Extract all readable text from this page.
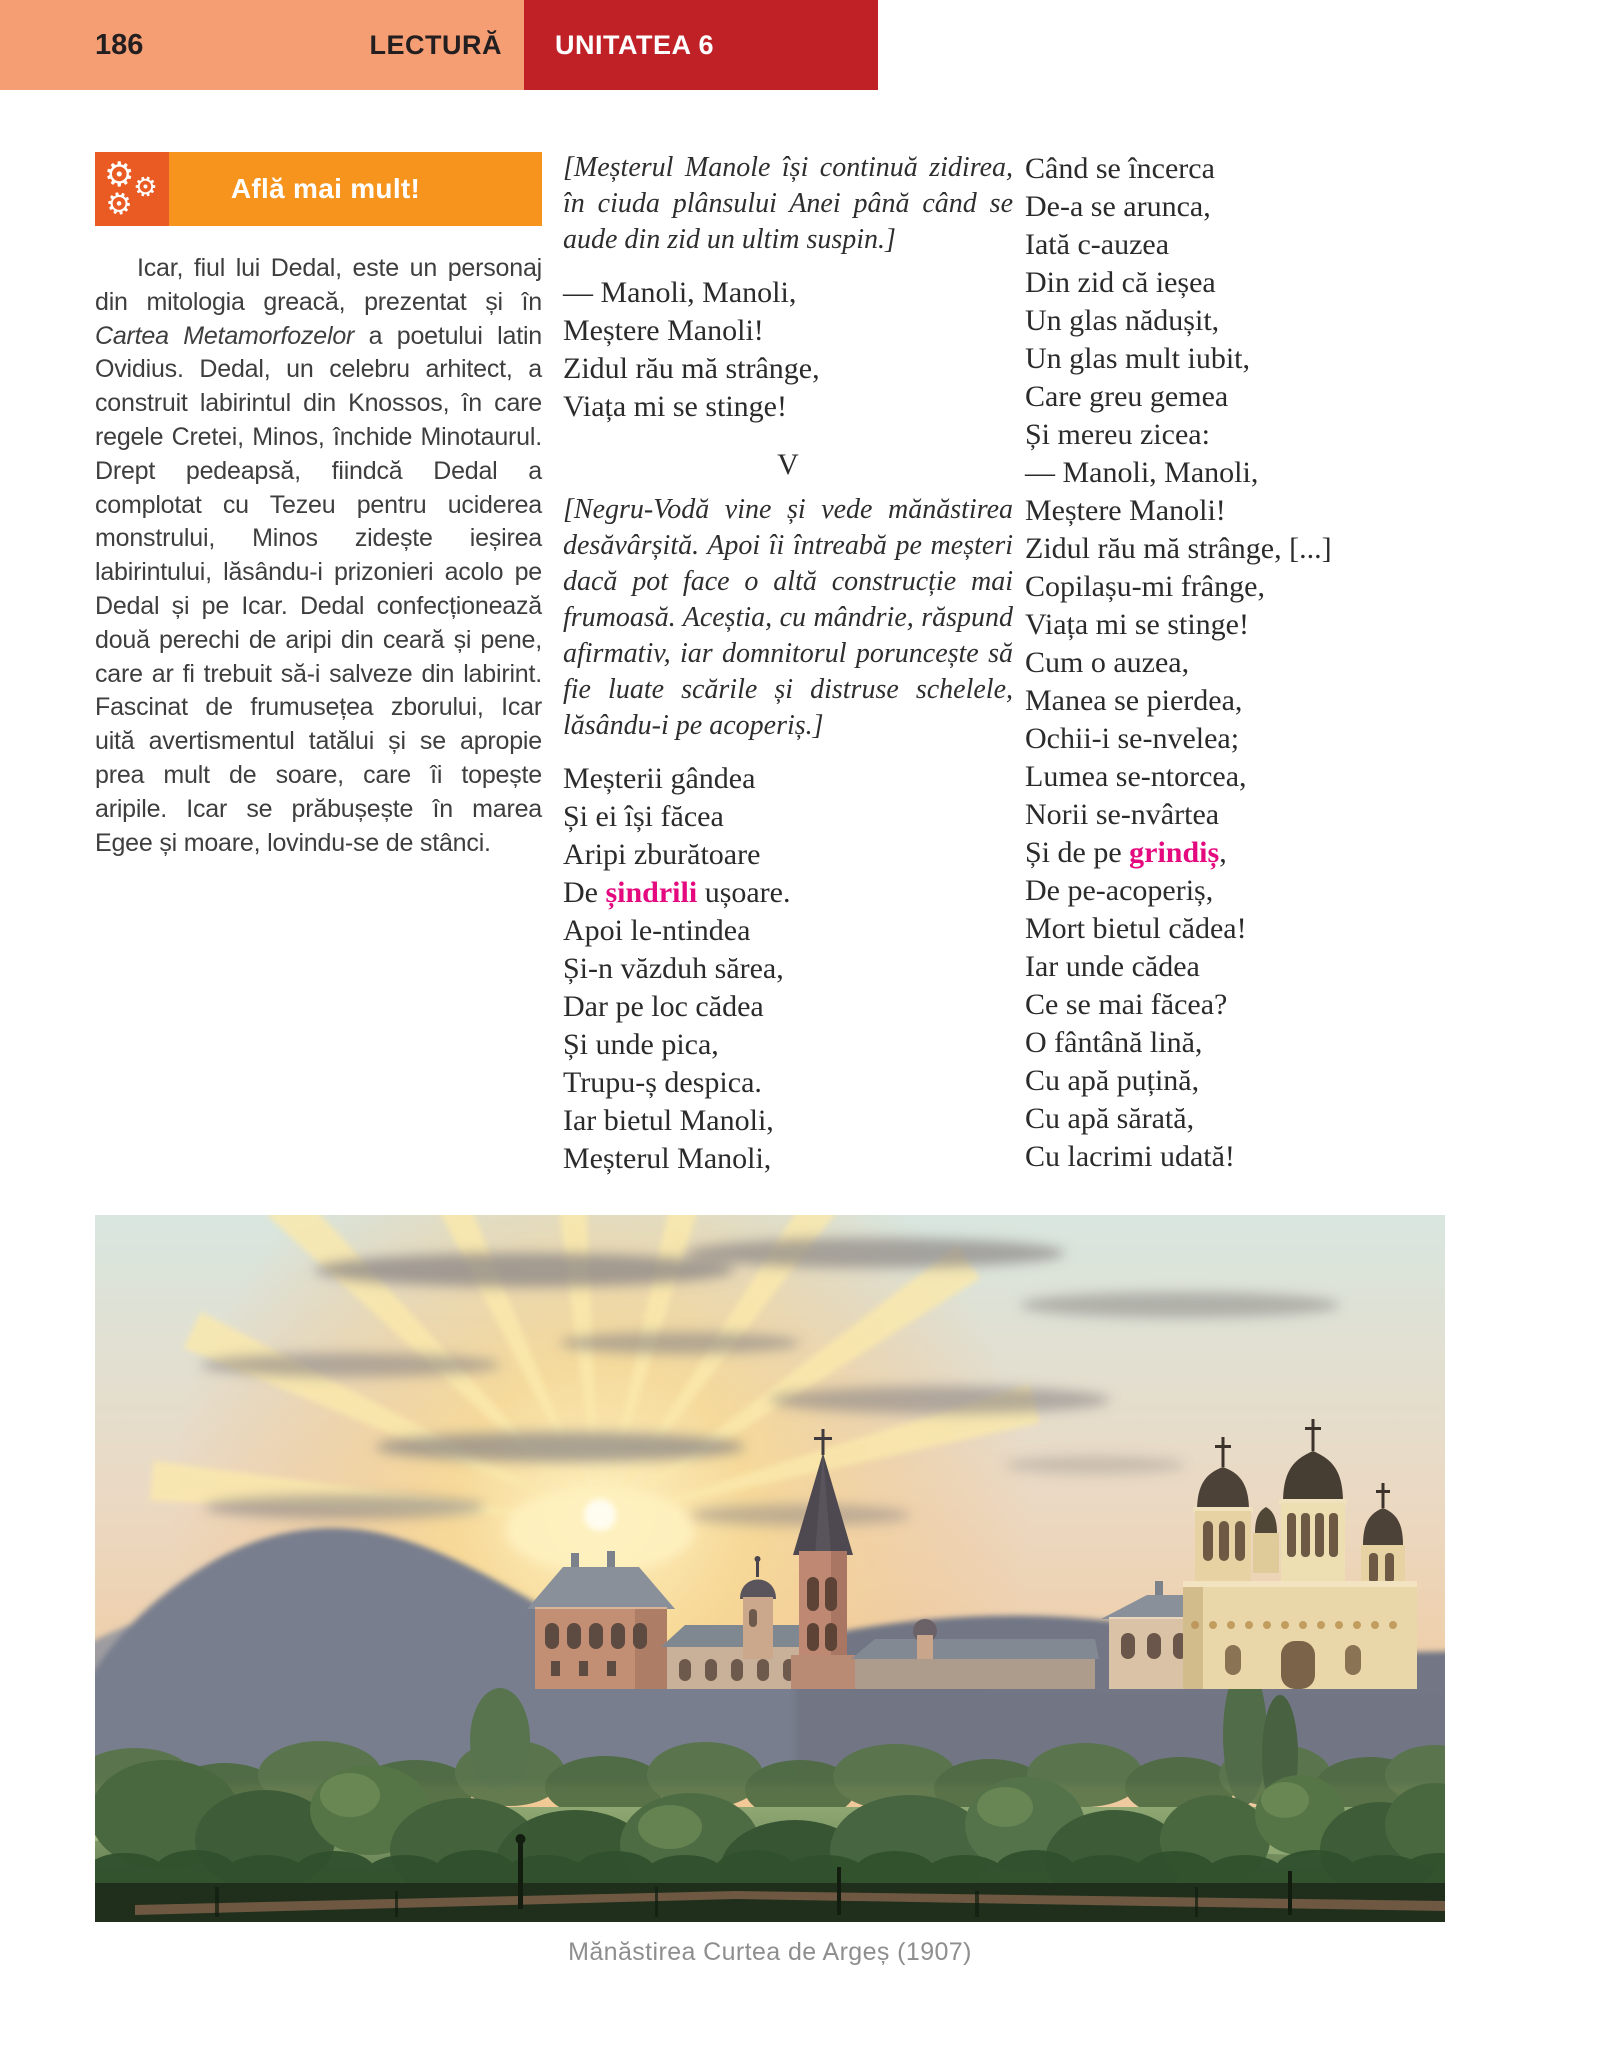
186	LECTURĂ UNITATEA 6
⚙
⚙
⚙	Află mai mult!

Icar, fiul lui Dedal, este un personaj din mitologia greacă, prezentat și în Cartea Metamorfozelor a poetului latin Ovidius. Dedal, un celebru arhitect, a construit labirintul din Knossos, în care regele Cretei, Minos, închide Minotaurul. Drept pedeapsă, fiindcă Dedal a complotat cu Tezeu pentru uciderea monstrului, Minos zidește ieșirea labirintului, lăsându-i prizonieri acolo pe Dedal și pe Icar. Dedal confecționează două perechi de aripi din ceară și pene, care ar fi trebuit să-i salveze din labirint. Fascinat de frumusețea zborului, Icar uită avertismentul tatălui și se apropie prea mult de soare, care îi topește aripile. Icar se prăbușește în marea Egee și moare, lovindu-se de stânci.

[Meșterul Manole își continuă zidirea, în ciuda plânsului Anei până când se aude din zid un ultim suspin.]

— Manoli, Manoli,
Meștere Manoli!
Zidul rău mă strânge,
Viața mi se stinge!
V

[Negru-Vodă vine și vede mănăstirea desăvârșită. Apoi îi întreabă pe meșteri dacă pot face o altă construcție mai frumoasă. Aceștia, cu mândrie, răspund afirmativ, iar domnitorul poruncește să fie luate scările și distruse schelele, lăsându-i pe acoperiș.]

Meșterii gândea
Și ei își făcea
Aripi zburătoare
De șindrili ușoare.
Apoi le-ntindea
Și-n văzduh sărea,
Dar pe loc cădea
Și unde pica,
Trupu-ș despica.
Iar bietul Manoli,
Meșterul Manoli,
Când se încerca
De-a se arunca,
Iată c-auzea
Din zid că ieșea
Un glas nădușit,
Un glas mult iubit,
Care greu gemea
Și mereu zicea:
— Manoli, Manoli,
Meștere Manoli!
Zidul rău mă strânge, [...]
Copilașu-mi frânge,
Viața mi se stinge!
Cum o auzea,
Manea se pierdea,
Ochii-i se-nvelea;
Lumea se-ntorcea,
Norii se-nvârtea
Și de pe grindiș,
De pe-acoperiș,
Mort bietul cădea!
Iar unde cădea
Ce se mai făcea?
O fântână lină,
Cu apă puțină,
Cu apă sărată,
Cu lacrimi udată!
Mănăstirea Curtea de Argeș (1907)
